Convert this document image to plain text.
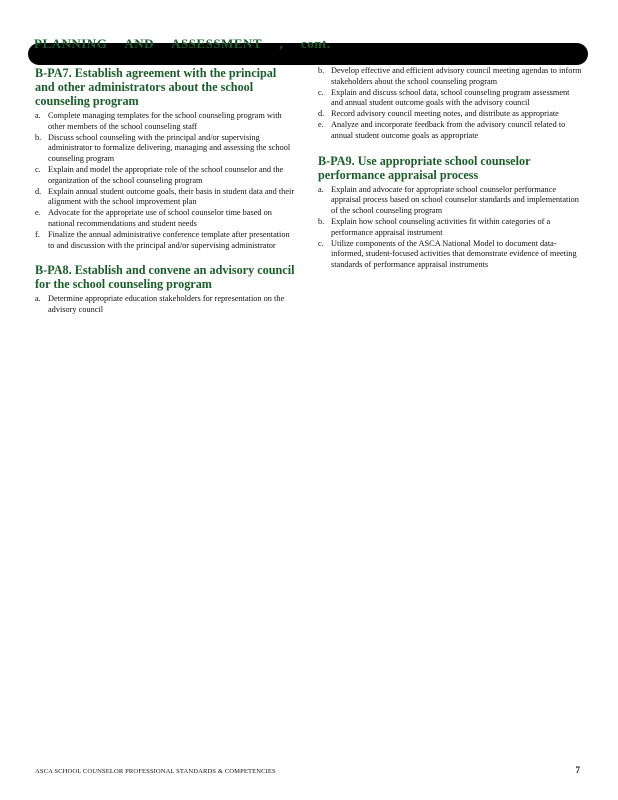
PLANNING AND ASSESSMENT , cont.
B-PA7. Establish agreement with the principal and other administrators about the school counseling program
a. Complete managing templates for the school counseling program with other members of the school counseling staff
b. Discuss school counseling with the principal and/or supervising administrator to formalize delivering, managing and assessing the school counseling program
c. Explain and model the appropriate role of the school counselor and the organization of the school counseling program
d. Explain annual student outcome goals, their basis in student data and their alignment with the school improvement plan
e. Advocate for the appropriate use of school counselor time based on national recommendations and student needs
f. Finalize the annual administrative conference template after presentation to and discussion with the principal and/or supervising administrator
B-PA8. Establish and convene an advisory council for the school counseling program
a. Determine appropriate education stakeholders for representation on the advisory council
b. Develop effective and efficient advisory council meeting agendas to inform stakeholders about the school counseling program
c. Explain and discuss school data, school counseling program assessment and annual student outcome goals with the advisory council
d. Record advisory council meeting notes, and distribute as appropriate
e. Analyze and incorporate feedback from the advisory council related to annual student outcome goals as appropriate
B-PA9. Use appropriate school counselor performance appraisal process
a. Explain and advocate for appropriate school counselor performance appraisal process based on school counselor standards and implementation of the school counseling program
b. Explain how school counseling activities fit within categories of a performance appraisal instrument
c. Utilize components of the ASCA National Model to document data-informed, student-focused activities that demonstrate evidence of meeting standards of performance appraisal instruments
ASCA SCHOOL COUNSELOR PROFESSIONAL STANDARDS & COMPETENCIES	7
